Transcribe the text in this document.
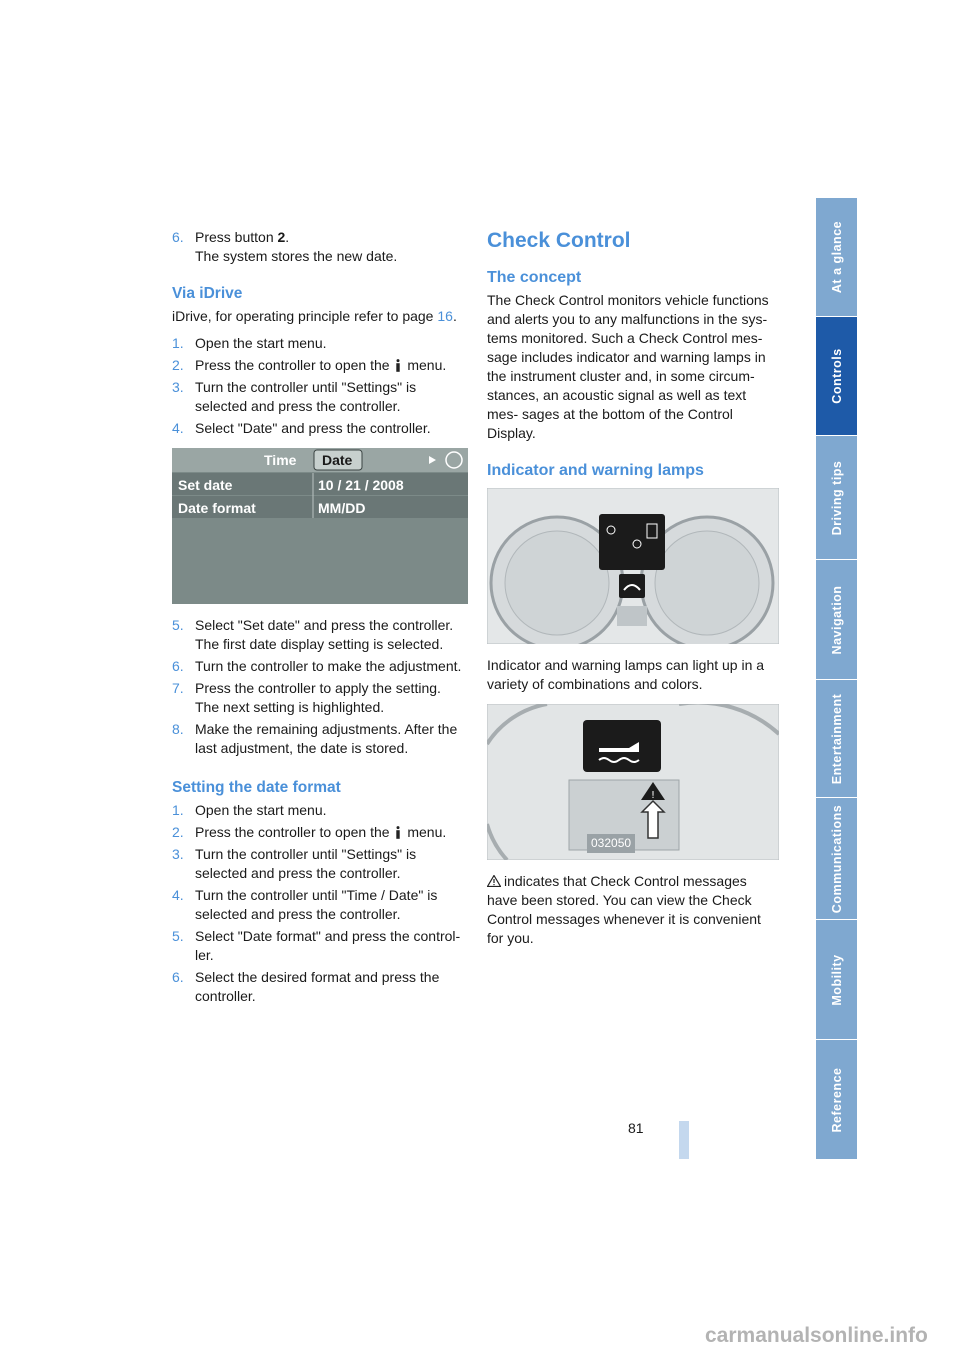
6. Press button 2.
The system stores the new date.
Via iDrive
iDrive, for operating principle refer to page 16.
1. Open the start menu.
2. Press the controller to open the menu.
3. Turn the controller until "Settings" is selected and press the controller.
4. Select "Date" and press the controller.
Time Date
Set date	10 / 21 / 2008
Date format	MM/DD
5. Select "Set date" and press the controller. The first date display setting is selected.
6. Turn the controller to make the adjustment.
7. Press the controller to apply the setting. The next setting is highlighted.
8. Make the remaining adjustments. After the last adjustment, the date is stored.
Setting the date format
1. Open the start menu.
2. Press the controller to open the menu.
3. Turn the controller until "Settings" is selected and press the controller.
4. Turn the controller until "Time / Date" is selected and press the controller.
5. Select "Date format" and press the control- ler.
6. Select the desired format and press the controller.
Check Control
The concept
The Check Control monitors vehicle functions and alerts you to any malfunctions in the sys- tems monitored. Such a Check Control mes- sage includes indicator and warning lamps in the instrument cluster and, in some circum- stances, an acoustic signal as well as text mes- sages at the bottom of the Control Display.
Indicator and warning lamps
Indicator and warning lamps can light up in a variety of combinations and colors.
!
032050
indicates that Check Control messages have been stored. You can view the Check Control messages whenever it is convenient for you.
At a glance
Controls
Driving tips
Navigation
Entertainment
Communications
Mobility
Reference
81
carmanualsonline.info
